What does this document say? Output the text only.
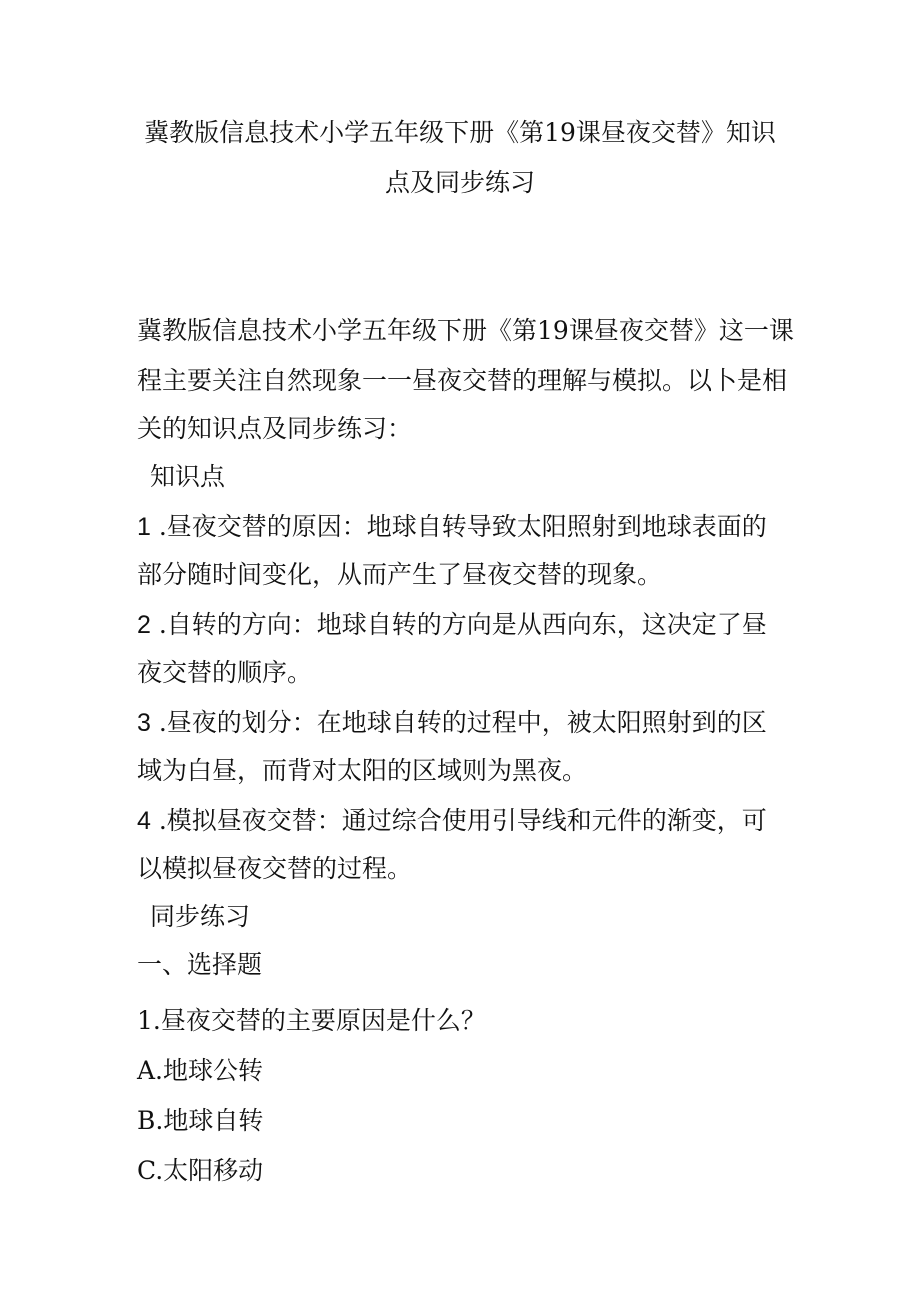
冀教版信息技术小学五年级下册《第19课昼夜交替》知识
点及同步练习
冀教版信息技术小学五年级下册《第19课昼夜交替》这一课
程主要关注自然现象一一昼夜交替的理解与模拟。以卜是相
关的知识点及同步练习：
知识点
1 .昼夜交替的原因：地球自转导致太阳照射到地球表面的
部分随时间变化，从而产生了昼夜交替的现象。
2 .自转的方向：地球自转的方向是从西向东，这决定了昼
夜交替的顺序。
3 .昼夜的划分：在地球自转的过程中，被太阳照射到的区
域为白昼，而背对太阳的区域则为黑夜。
4 .模拟昼夜交替：通过综合使用引导线和元件的渐变，可
以模拟昼夜交替的过程。
同步练习
一、选择题
1.昼夜交替的主要原因是什么？
A.地球公转
B.地球自转
C.太阳移动
